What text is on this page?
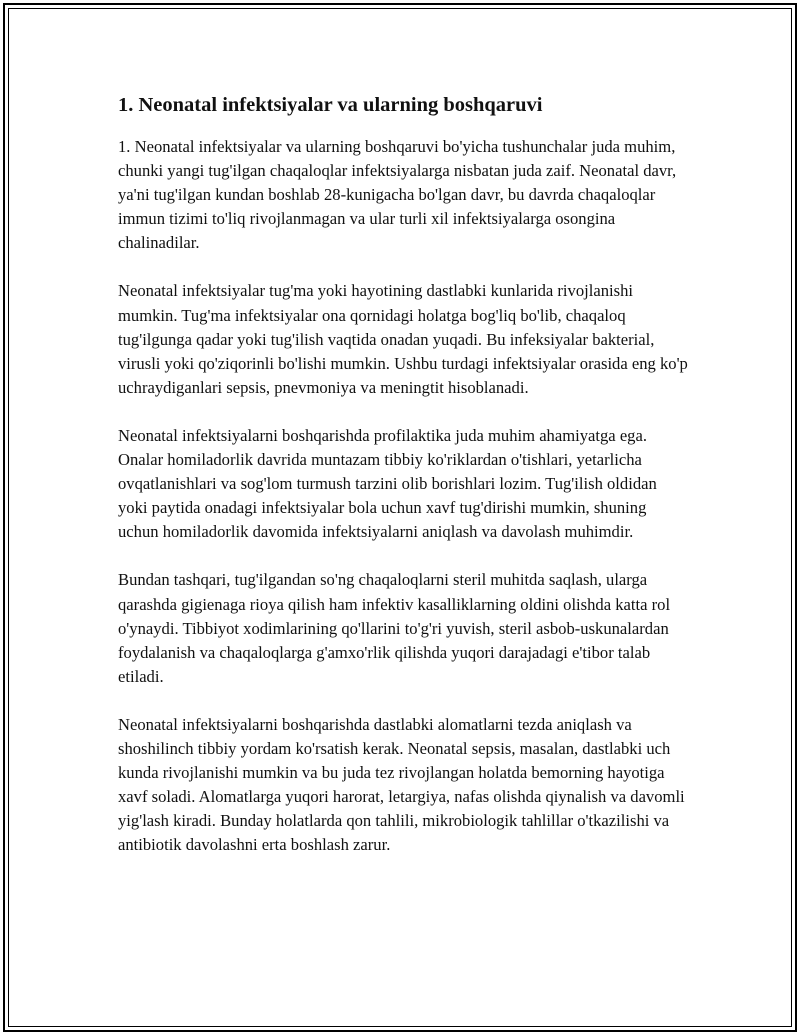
1. Neonatal infektsiyalar va ularning boshqaruvi

1. Neonatal infektsiyalar va ularning boshqaruvi bo'yicha tushunchalar juda muhim, chunki yangi tug'ilgan chaqaloqlar infektsiyalarga nisbatan juda zaif. Neonatal davr, ya'ni tug'ilgan kundan boshlab 28-kunigacha bo'lgan davr, bu davrda chaqaloqlar immun tizimi to'liq rivojlanmagan va ular turli xil infektsiyalarga osongina chalinadilar.

Neonatal infektsiyalar tug'ma yoki hayotining dastlabki kunlarida rivojlanishi mumkin. Tug'ma infektsiyalar ona qornidagi holatga bog'liq bo'lib, chaqaloq tug'ilgunga qadar yoki tug'ilish vaqtida onadan yuqadi. Bu infeksiyalar bakterial, virusli yoki qo'ziqorinli bo'lishi mumkin. Ushbu turdagi infektsiyalar orasida eng ko'p uchraydiganlari sepsis, pnevmoniya va meningtit hisoblanadi.

Neonatal infektsiyalarni boshqarishda profilaktika juda muhim ahamiyatga ega. Onalar homiladorlik davrida muntazam tibbiy ko'riklardan o'tishlari, yetarlicha ovqatlanishlari va sog'lom turmush tarzini olib borishlari lozim. Tug'ilish oldidan yoki paytida onadagi infektsiyalar bola uchun xavf tug'dirishi mumkin, shuning uchun homiladorlik davomida infektsiyalarni aniqlash va davolash muhimdir.

Bundan tashqari, tug'ilgandan so'ng chaqaloqlarni steril muhitda saqlash, ularga qarashda gigienaga rioya qilish ham infektiv kasalliklarning oldini olishda katta rol o'ynaydi. Tibbiyot xodimlarining qo'llarini to'g'ri yuvish, steril asbob-uskunalardan foydalanish va chaqaloqlarga g'amxo'rlik qilishda yuqori darajadagi e'tibor talab etiladi.

Neonatal infektsiyalarni boshqarishda dastlabki alomatlarni tezda aniqlash va shoshilinch tibbiy yordam ko'rsatish kerak. Neonatal sepsis, masalan, dastlabki uch kunda rivojlanishi mumkin va bu juda tez rivojlangan holatda bemorning hayotiga xavf soladi. Alomatlarga yuqori harorat, letargiya, nafas olishda qiynalish va davomli yig'lash kiradi. Bunday holatlarda qon tahlili, mikrobiologik tahlillar o'tkazilishi va antibiotik davolashni erta boshlash zarur.
